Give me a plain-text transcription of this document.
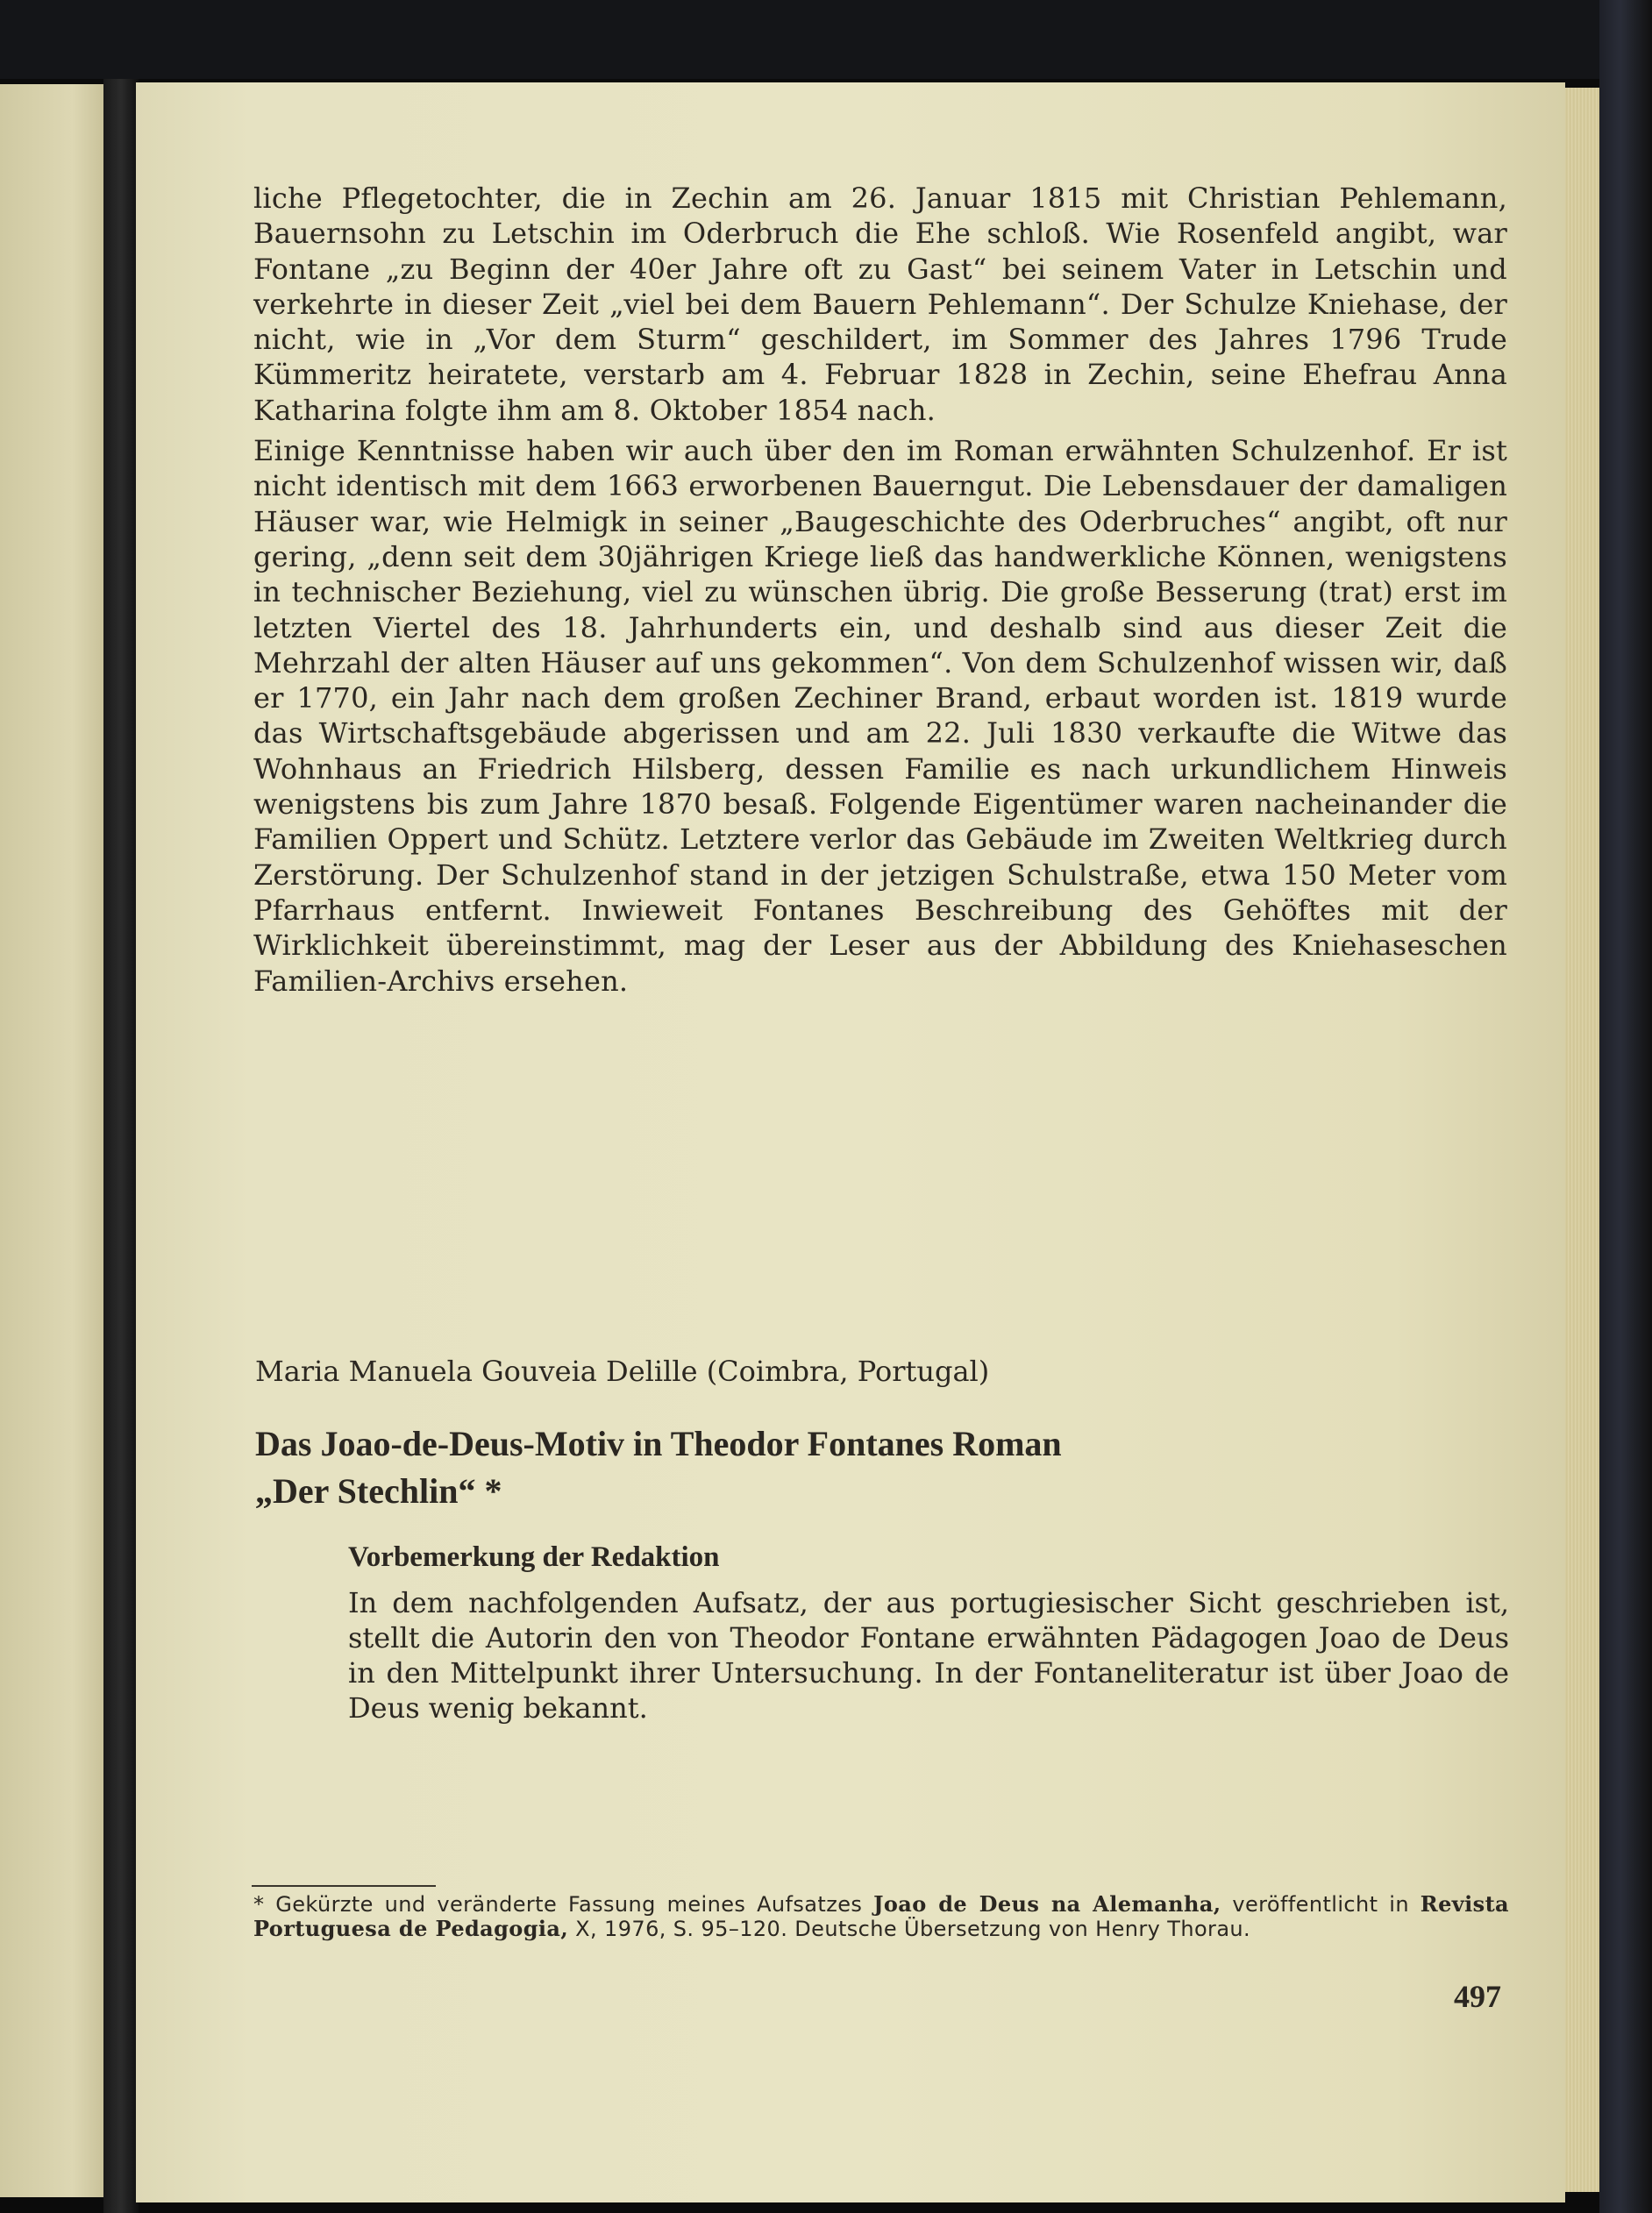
liche Pflegetochter, die in Zechin am 26. Januar 1815 mit Christian Pehlemann, Bauernsohn zu Letschin im Oderbruch die Ehe schloß. Wie Rosenfeld angibt, war Fontane „zu Beginn der 40er Jahre oft zu Gast“ bei seinem Vater in Letschin und verkehrte in dieser Zeit „viel bei dem Bauern Pehlemann“. Der Schulze Kniehase, der nicht, wie in „Vor dem Sturm“ geschildert, im Sommer des Jahres 1796 Trude Kümmeritz heiratete, verstarb am 4. Februar 1828 in Zechin, seine Ehefrau Anna Katharina folgte ihm am 8. Oktober 1854 nach.

Einige Kenntnisse haben wir auch über den im Roman erwähnten Schulzenhof. Er ist nicht identisch mit dem 1663 erworbenen Bauerngut. Die Lebensdauer der damaligen Häuser war, wie Helmigk in seiner „Baugeschichte des Oderbruches“ angibt, oft nur gering, „denn seit dem 30jährigen Kriege ließ das handwerkliche Können, wenigstens in technischer Beziehung, viel zu wünschen übrig. Die große Besserung (trat) erst im letzten Viertel des 18. Jahrhunderts ein, und deshalb sind aus dieser Zeit die Mehrzahl der alten Häuser auf uns gekommen“. Von dem Schulzenhof wissen wir, daß er 1770, ein Jahr nach dem großen Zechiner Brand, erbaut worden ist. 1819 wurde das Wirtschaftsgebäude abgerissen und am 22. Juli 1830 verkaufte die Witwe das Wohnhaus an Friedrich Hilsberg, dessen Familie es nach urkundlichem Hinweis wenigstens bis zum Jahre 1870 besaß. Folgende Eigentümer waren nacheinander die Familien Oppert und Schütz. Letztere verlor das Gebäude im Zweiten Weltkrieg durch Zerstörung. Der Schulzenhof stand in der jetzigen Schulstraße, etwa 150 Meter vom Pfarrhaus entfernt. Inwieweit Fontanes Beschreibung des Gehöftes mit der Wirklichkeit übereinstimmt, mag der Leser aus der Abbildung des Kniehaseschen Familien-Archivs ersehen.

Maria Manuela Gouveia Delille (Coimbra, Portugal)
Das Joao-de-Deus-Motiv in Theodor Fontanes Roman
„Der Stechlin“ *

Vorbemerkung der Redaktion

In dem nachfolgenden Aufsatz, der aus portugiesischer Sicht geschrieben ist, stellt die Autorin den von Theodor Fontane erwähnten Pädagogen Joao de Deus in den Mittelpunkt ihrer Untersuchung. In der Fontaneliteratur ist über Joao de Deus wenig bekannt.

* Gekürzte und veränderte Fassung meines Aufsatzes Joao de Deus na Alemanha, veröffentlicht in Revista Portuguesa de Pedagogia, X, 1976, S. 95–120. Deutsche Übersetzung von Henry Thorau.
497
